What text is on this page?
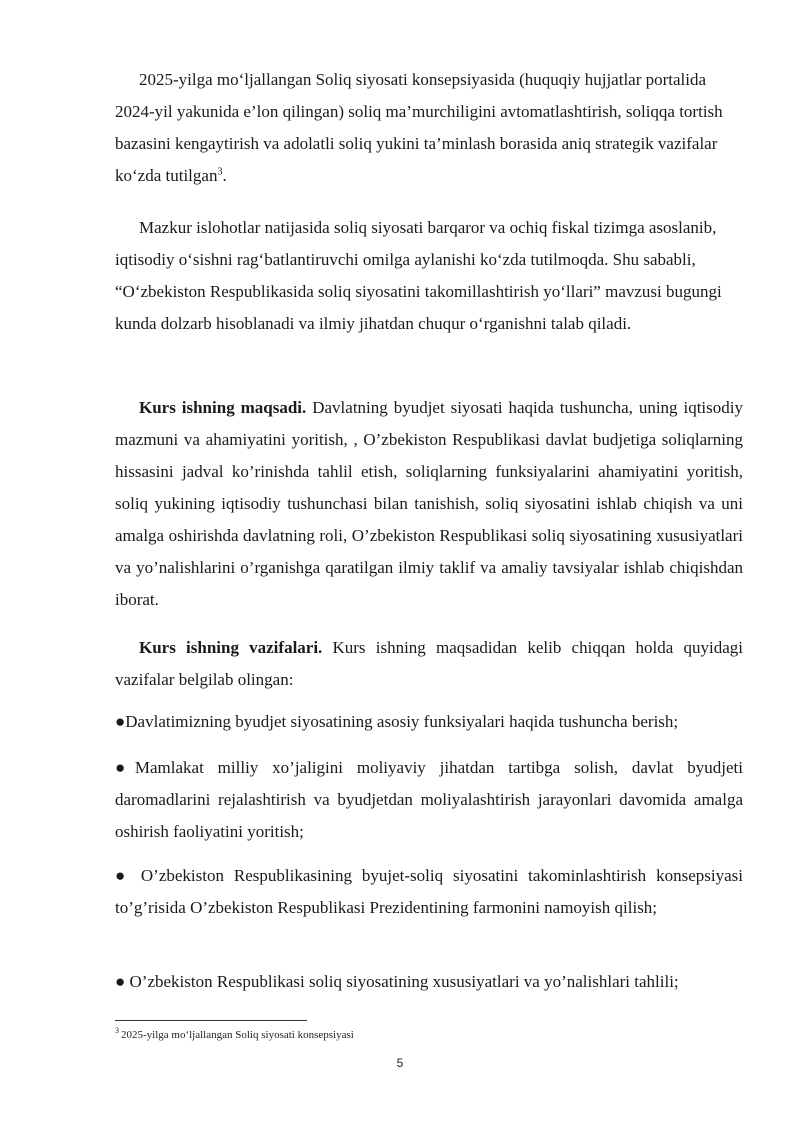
2025-yilga mo‘ljallangan Soliq siyosati konsepsiyasida (huquqiy hujjatlar portalida 2024-yil yakunida e’lon qilingan) soliq ma’murchiligini avtomatlashtirish, soliqqa tortish bazasini kengaytirish va adolatli soliq yukini ta’minlash borasida aniq strategik vazifalar ko‘zda tutilgan$^3$.

Mazkur islohotlar natijasida soliq siyosati barqaror va ochiq fiskal tizimga asoslanib, iqtisodiy o‘sishni rag‘batlantiruvchi omilga aylanishi ko‘zda tutilmoqda. Shu sababli, “O‘zbekiston Respublikasida soliq siyosatini takomillashtirish yo‘llari” mavzusi bugungi kunda dolzarb hisoblanadi va ilmiy jihatdan chuqur o‘rganishni talab qiladi.

Kurs ishning maqsadi. Davlatning byudjet siyosati haqida tushuncha, uning iqtisodiy mazmuni va ahamiyatini yoritish, , O’zbekiston Respublikasi davlat budjetiga soliqlarning hissasini jadval ko’rinishda tahlil etish, soliqlarning funksiyalarini ahamiyatini yoritish, soliq yukining iqtisodiy tushunchasi bilan tanishish, soliq siyosatini ishlab chiqish va uni amalga oshirishda davlatning roli, O’zbekiston Respublikasi soliq siyosatining xususiyatlari va yo’nalishlarini o’rganishga qaratilgan ilmiy taklif va amaliy tavsiyalar ishlab chiqishdan iborat.

Kurs ishning vazifalari. Kurs ishning maqsadidan kelib chiqqan holda quyidagi vazifalar belgilab olingan:

●Davlatimizning byudjet siyosatining asosiy funksiyalari haqida tushuncha berish;

●Mamlakat milliy xo’jaligini moliyaviy jihatdan tartibga solish, davlat byudjeti daromadlarini rejalashtirish va byudjetdan moliyalashtirish jarayonlari davomida amalga oshirish faoliyatini yoritish;

● O’zbekiston Respublikasining byujet-soliq siyosatini takominlashtirish konsepsiyasi to’g’risida O’zbekiston Respublikasi Prezidentining farmonini namoyish qilish;

● O’zbekiston Respublikasi soliq siyosatining xususiyatlari va yo’nalishlari tahlili;

$^3$ 2025-yilga mo‘ljallangan Soliq siyosati konsepsiyasi
5
